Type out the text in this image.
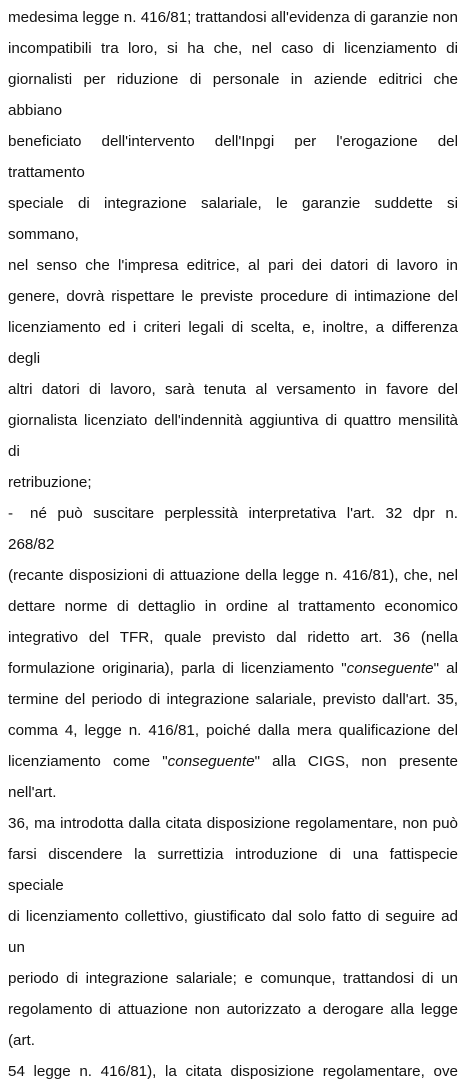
medesima legge n. 416/81; trattandosi all'evidenza di garanzie non
incompatibili tra loro, si ha che, nel caso di licenziamento di
giornalisti per riduzione di personale in aziende editrici che abbiano
beneficiato dell'intervento dell'Inpgi per l'erogazione del trattamento
speciale di integrazione salariale, le garanzie suddette si sommano,
nel senso che l'impresa editrice, al pari dei datori di lavoro in
genere, dovrà rispettare le previste procedure di intimazione del
licenziamento ed i criteri legali di scelta, e, inoltre, a differenza degli
altri datori di lavoro, sarà tenuta al versamento in favore del
giornalista licenziato dell'indennità aggiuntiva di quattro mensilità di
retribuzione;
- né può suscitare perplessità interpretativa l'art. 32 dpr n. 268/82
(recante disposizioni di attuazione della legge n. 416/81), che, nel
dettare norme di dettaglio in ordine al trattamento economico
integrativo del TFR, quale previsto dal ridetto art. 36 (nella
formulazione originaria), parla di licenziamento "conseguente" al
termine del periodo di integrazione salariale, previsto dall'art. 35,
comma 4, legge n. 416/81, poiché dalla mera qualificazione del
licenziamento come "conseguente" alla CIGS, non presente nell'art.
36, ma introdotta dalla citata disposizione regolamentare, non può
farsi discendere la surrettizia introduzione di una fattispecie speciale
di licenziamento collettivo, giustificato dal solo fatto di seguire ad un
periodo di integrazione salariale; e comunque, trattandosi di un
regolamento di attuazione non autorizzato a derogare alla legge (art.
54 legge n. 416/81), la citata disposizione regolamentare, ove
